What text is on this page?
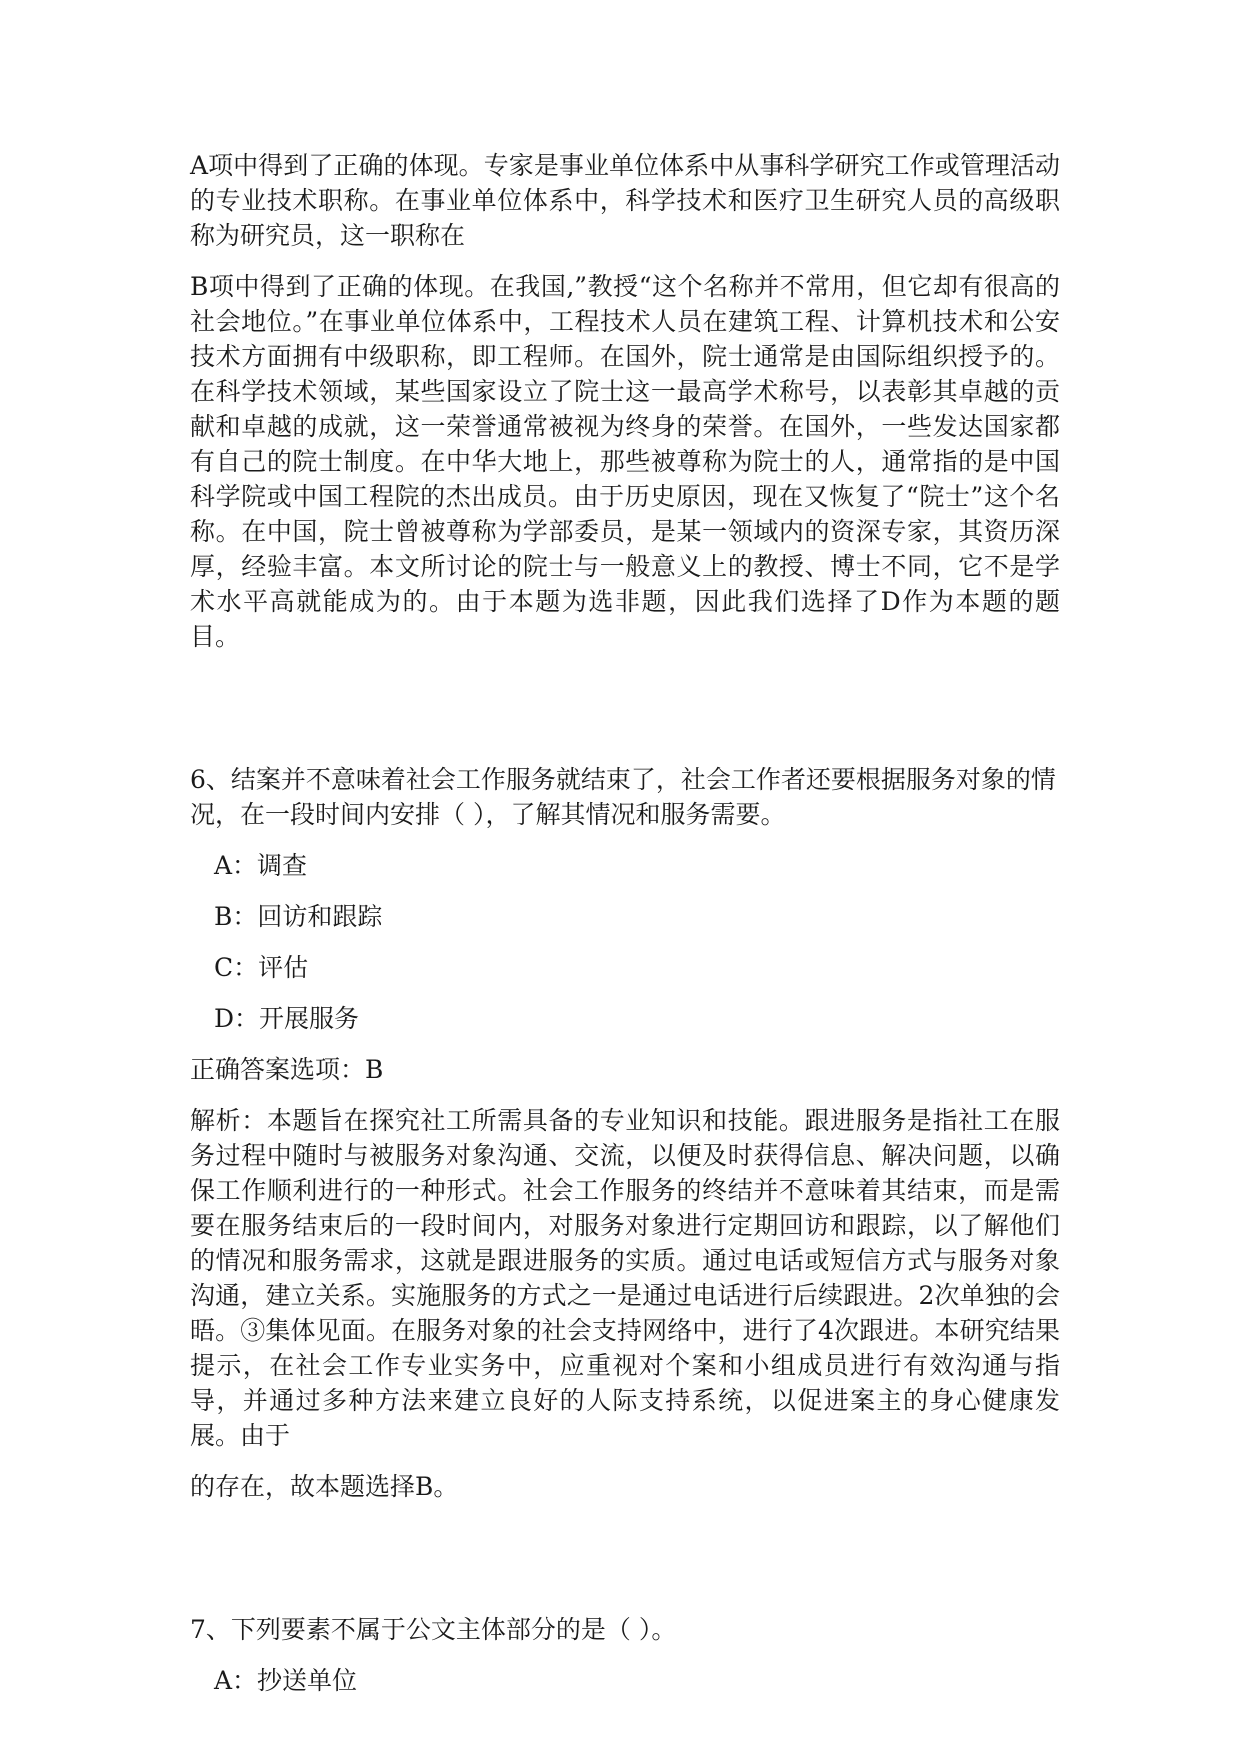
A项中得到了正确的体现。专家是事业单位体系中从事科学研究工作或管理活动的专业技术职称。在事业单位体系中，科学技术和医疗卫生研究人员的高级职称为研究员，这一职称在

B项中得到了正确的体现。在我国,”教授“这个名称并不常用，但它却有很高的社会地位。”在事业单位体系中，工程技术人员在建筑工程、计算机技术和公安技术方面拥有中级职称，即工程师。在国外，院士通常是由国际组织授予的。在科学技术领域，某些国家设立了院士这一最高学术称号，以表彰其卓越的贡献和卓越的成就，这一荣誉通常被视为终身的荣誉。在国外，一些发达国家都有自己的院士制度。在中华大地上，那些被尊称为院士的人，通常指的是中国科学院或中国工程院的杰出成员。由于历史原因，现在又恢复了“院士”这个名称。在中国，院士曾被尊称为学部委员，是某一领域内的资深专家，其资历深厚，经验丰富。本文所讨论的院士与一般意义上的教授、博士不同，它不是学术水平高就能成为的。由于本题为选非题，因此我们选择了D作为本题的题目。

6、结案并不意味着社会工作服务就结束了，社会工作者还要根据服务对象的情况，在一段时间内安排（ ），了解其情况和服务需要。

A：调查

B：回访和跟踪

C：评估

D：开展服务

正确答案选项：B

解析：本题旨在探究社工所需具备的专业知识和技能。跟进服务是指社工在服务过程中随时与被服务对象沟通、交流，以便及时获得信息、解决问题，以确保工作顺利进行的一种形式。社会工作服务的终结并不意味着其结束，而是需要在服务结束后的一段时间内，对服务对象进行定期回访和跟踪，以了解他们的情况和服务需求，这就是跟进服务的实质。通过电话或短信方式与服务对象沟通，建立关系。实施服务的方式之一是通过电话进行后续跟进。2次单独的会晤。③集体见面。在服务对象的社会支持网络中，进行了4次跟进。本研究结果提示，在社会工作专业实务中，应重视对个案和小组成员进行有效沟通与指导，并通过多种方法来建立良好的人际支持系统，以促进案主的身心健康发展。由于

的存在，故本题选择B。

7、下列要素不属于公文主体部分的是（ ）。

A：抄送单位
